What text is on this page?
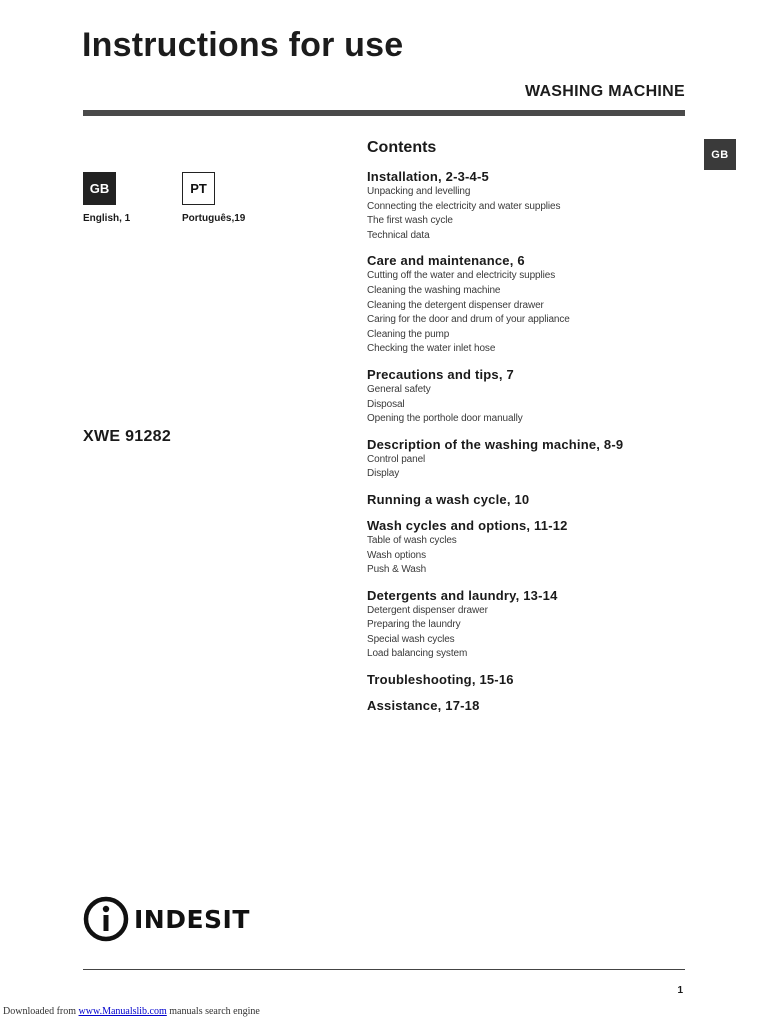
Instructions for use
WASHING MACHINE
GB
GB
English, 1
PT
Português,19
XWE 91282
Contents
Installation, 2-3-4-5
Unpacking and levelling
Connecting the electricity and water supplies
The first wash cycle
Technical data
Care and maintenance, 6
Cutting off the water and electricity supplies
Cleaning the washing machine
Cleaning the detergent dispenser drawer
Caring for the door and drum of your appliance
Cleaning the pump
Checking the water inlet hose
Precautions and tips, 7
General safety
Disposal
Opening the porthole door manually
Description of the washing machine, 8-9
Control panel
Display
Running a wash cycle, 10
Wash cycles and options, 11-12
Table of wash cycles
Wash options
Push & Wash
Detergents and laundry, 13-14
Detergent dispenser drawer
Preparing the laundry
Special wash cycles
Load balancing system
Troubleshooting, 15-16
Assistance, 17-18
INDESIT
1
Downloaded from www.Manualslib.com manuals search engine
